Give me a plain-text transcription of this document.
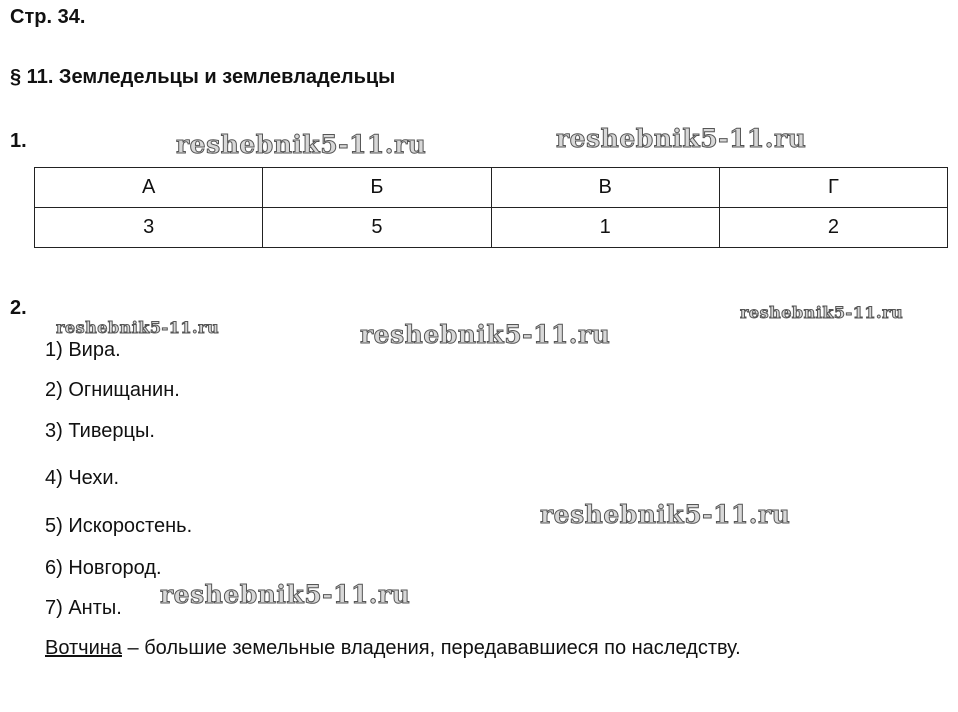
Стр. 34.
§ 11. Земледельцы и землевладельцы
1.
А	Б	В	Г
3	5	1	2
2.
1) Вира.
2) Огнищанин.
3) Тиверцы.
4) Чехи.
5) Искоростень.
6) Новгород.
7) Анты.
Вотчина – большие земельные владения, передававшиеся по наследству.
reshebnik5-11.ru	reshebnik5-11.ru
reshebnik5-11.ru	reshebnik5-11.ru
reshebnik5-11.ru
reshebnik5-11.ru
reshebnik5-11.ru
